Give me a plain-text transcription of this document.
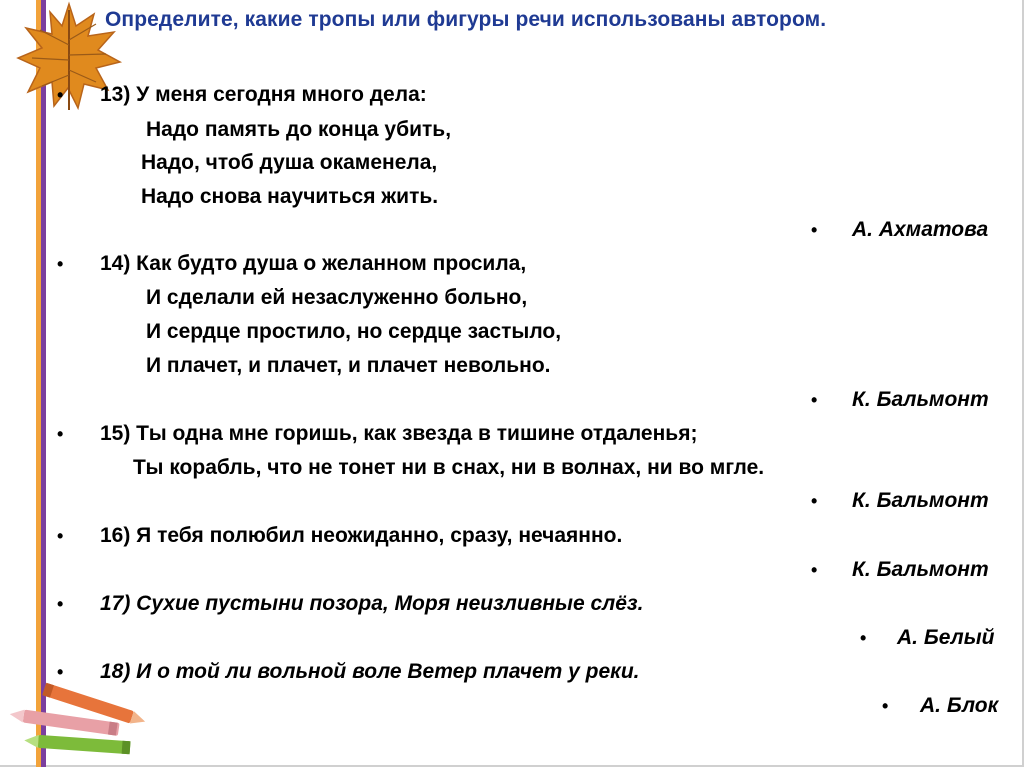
Определите, какие тропы или фигуры речи использованы автором.
• 13) У меня сегодня много дела:
Надо память до конца убить,
Надо, чтоб душа окаменела,
Надо снова научиться жить.
• А. Ахматова
• 14) Как будто душа о желанном просила,
И сделали ей незаслуженно больно,
И сердце простило, но сердце застыло,
И плачет, и плачет, и плачет невольно.
• К. Бальмонт
• 15) Ты одна мне горишь, как звезда в тишине отдаленья;
Ты корабль, что не тонет ни в снах, ни в волнах, ни во мгле.
• К. Бальмонт
• 16) Я тебя полюбил неожиданно, сразу, нечаянно.
• К. Бальмонт
• 17) Сухие пустыни позора, Моря неизливные слёз.
• А. Белый
• 18) И о той ли вольной воле Ветер плачет у реки.
• А. Блок
